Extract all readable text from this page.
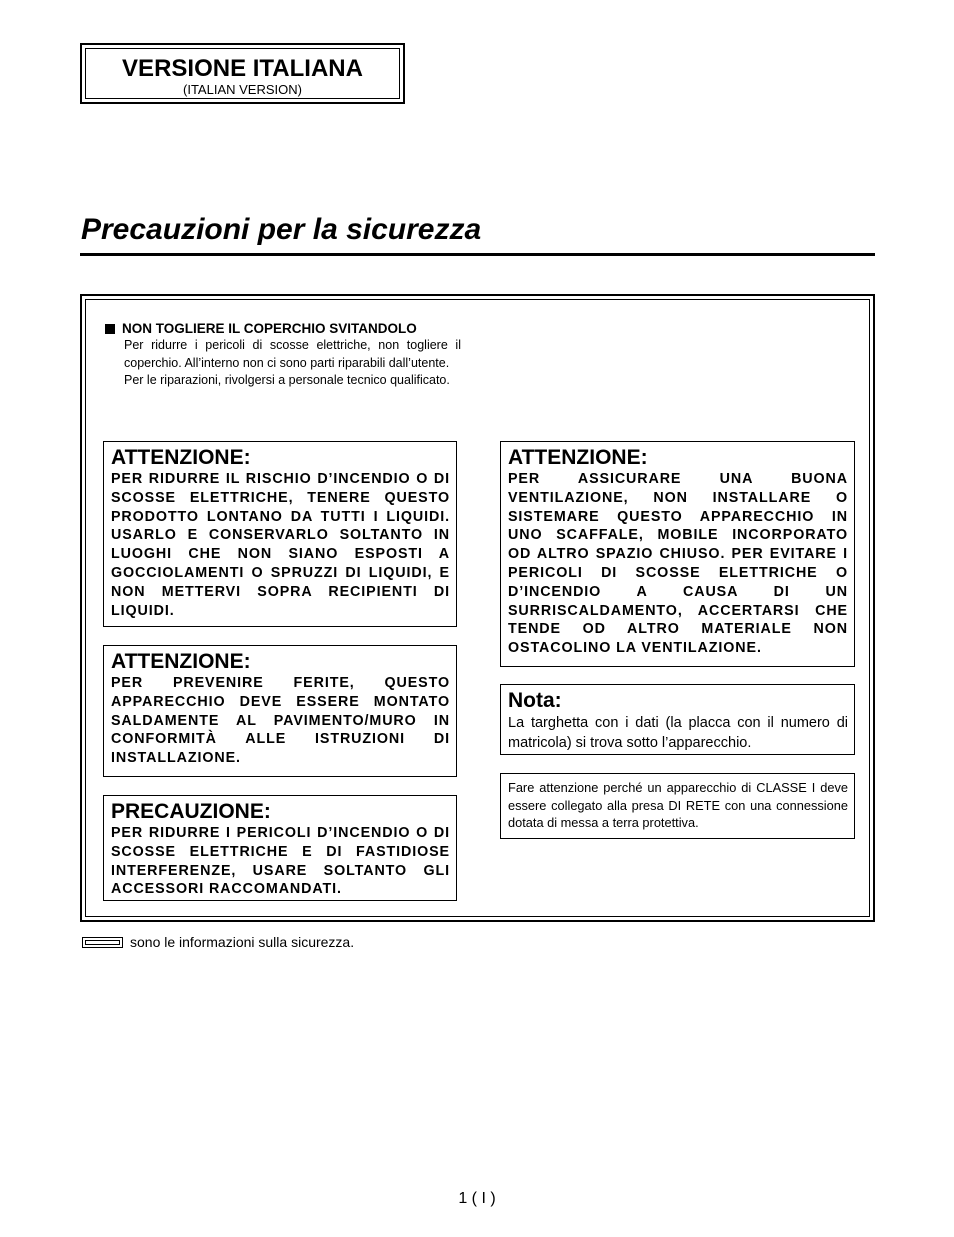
VERSIONE ITALIANA
(ITALIAN VERSION)
Precauzioni per la sicurezza
NON TOGLIERE IL COPERCHIO SVITANDOLO

Per ridurre i pericoli di scosse elettriche, non togliere il coperchio. All’interno non ci sono parti riparabili dall’utente.

Per le riparazioni, rivolgersi a personale tecnico qualificato.

ATTENZIONE:

PER RIDURRE IL RISCHIO D’INCENDIO O DI SCOSSE ELETTRICHE, TENERE QUESTO PRODOTTO LONTANO DA TUTTI I LIQUIDI. USARLO E CONSERVARLO SOLTANTO IN LUOGHI CHE NON SIANO ESPOSTI A GOCCIOLAMENTI O SPRUZZI DI LIQUIDI, E NON METTERVI SOPRA RECIPIENTI DI LIQUIDI.

ATTENZIONE:

PER PREVENIRE FERITE, QUESTO APPARECCHIO DEVE ESSERE MONTATO SALDAMENTE AL PAVIMENTO/MURO IN CONFORMITÀ ALLE ISTRUZIONI DI INSTALLAZIONE.

PRECAUZIONE:

PER RIDURRE I PERICOLI D’INCENDIO O DI SCOSSE ELETTRICHE E DI FASTIDIOSE INTERFERENZE, USARE SOLTANTO GLI ACCESSORI RACCOMANDATI.

ATTENZIONE:

PER ASSICURARE UNA BUONA VENTILAZIONE, NON INSTALLARE O SISTEMARE QUESTO APPARECCHIO IN UNO SCAFFALE, MOBILE INCORPORATO OD ALTRO SPAZIO CHIUSO. PER EVITARE I PERICOLI DI SCOSSE ELETTRICHE O D’INCENDIO A CAUSA DI UN SURRISCALDAMENTO, ACCERTARSI CHE TENDE OD ALTRO MATERIALE NON OSTACOLINO LA VENTILAZIONE.

Nota:

La targhetta con i dati (la placca con il numero di matricola) si trova sotto l’apparecchio.

Fare attenzione perché un apparecchio di CLASSE I deve essere collegato alla presa DI RETE con una connessione dotata di messa a terra protettiva.

sono le informazioni sulla sicurezza.
1 ( I )
